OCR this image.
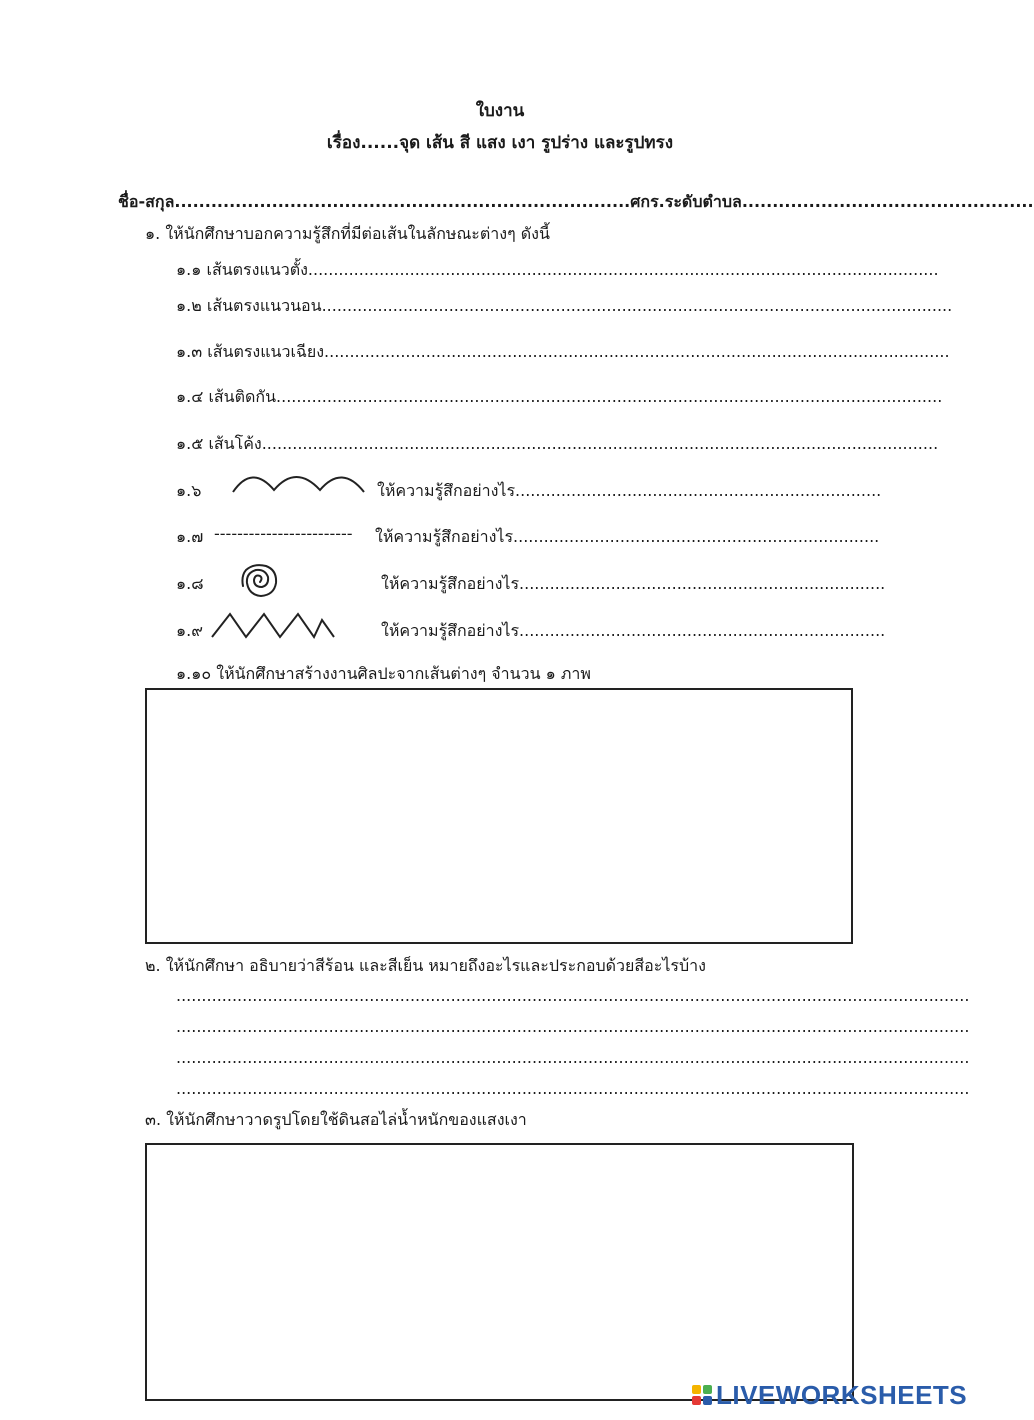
ใบงาน
เรื่อง......จุด เส้น สี แสง เงา รูปร่าง และรูปทรง
ชื่อ-สกุล...........................................................................ศกร.ระดับตำบล................................................
๑. ให้นักศึกษาบอกความรู้สึกที่มีต่อเส้นในลักษณะต่างๆ ดังนี้
๑.๑ เส้นตรงแนวตั้ง............................................................................................................................
๑.๒ เส้นตรงแนวนอน............................................................................................................................
๑.๓ เส้นตรงแนวเฉียง...........................................................................................................................
๑.๔ เส้นติดกัน...................................................................................................................................
๑.๕ เส้นโค้ง.....................................................................................................................................
๑.๖	ให้ความรู้สึกอย่างไร........................................................................
๑.๗ ------------------------ ให้ความรู้สึกอย่างไร........................................................................
๑.๘	ให้ความรู้สึกอย่างไร........................................................................
๑.๙	ให้ความรู้สึกอย่างไร........................................................................
๑.๑๐ ให้นักศึกษาสร้างงานศิลปะจากเส้นต่างๆ จำนวน ๑ ภาพ
๒. ให้นักศึกษา อธิบายว่าสีร้อน และสีเย็น หมายถึงอะไรและประกอบด้วยสีอะไรบ้าง
............................................................................................................................................................
............................................................................................................................................................
............................................................................................................................................................
............................................................................................................................................................
๓. ให้นักศึกษาวาดรูปโดยใช้ดินสอไล่น้ำหนักของแสงเงา
LIVEWORKSHEETS
